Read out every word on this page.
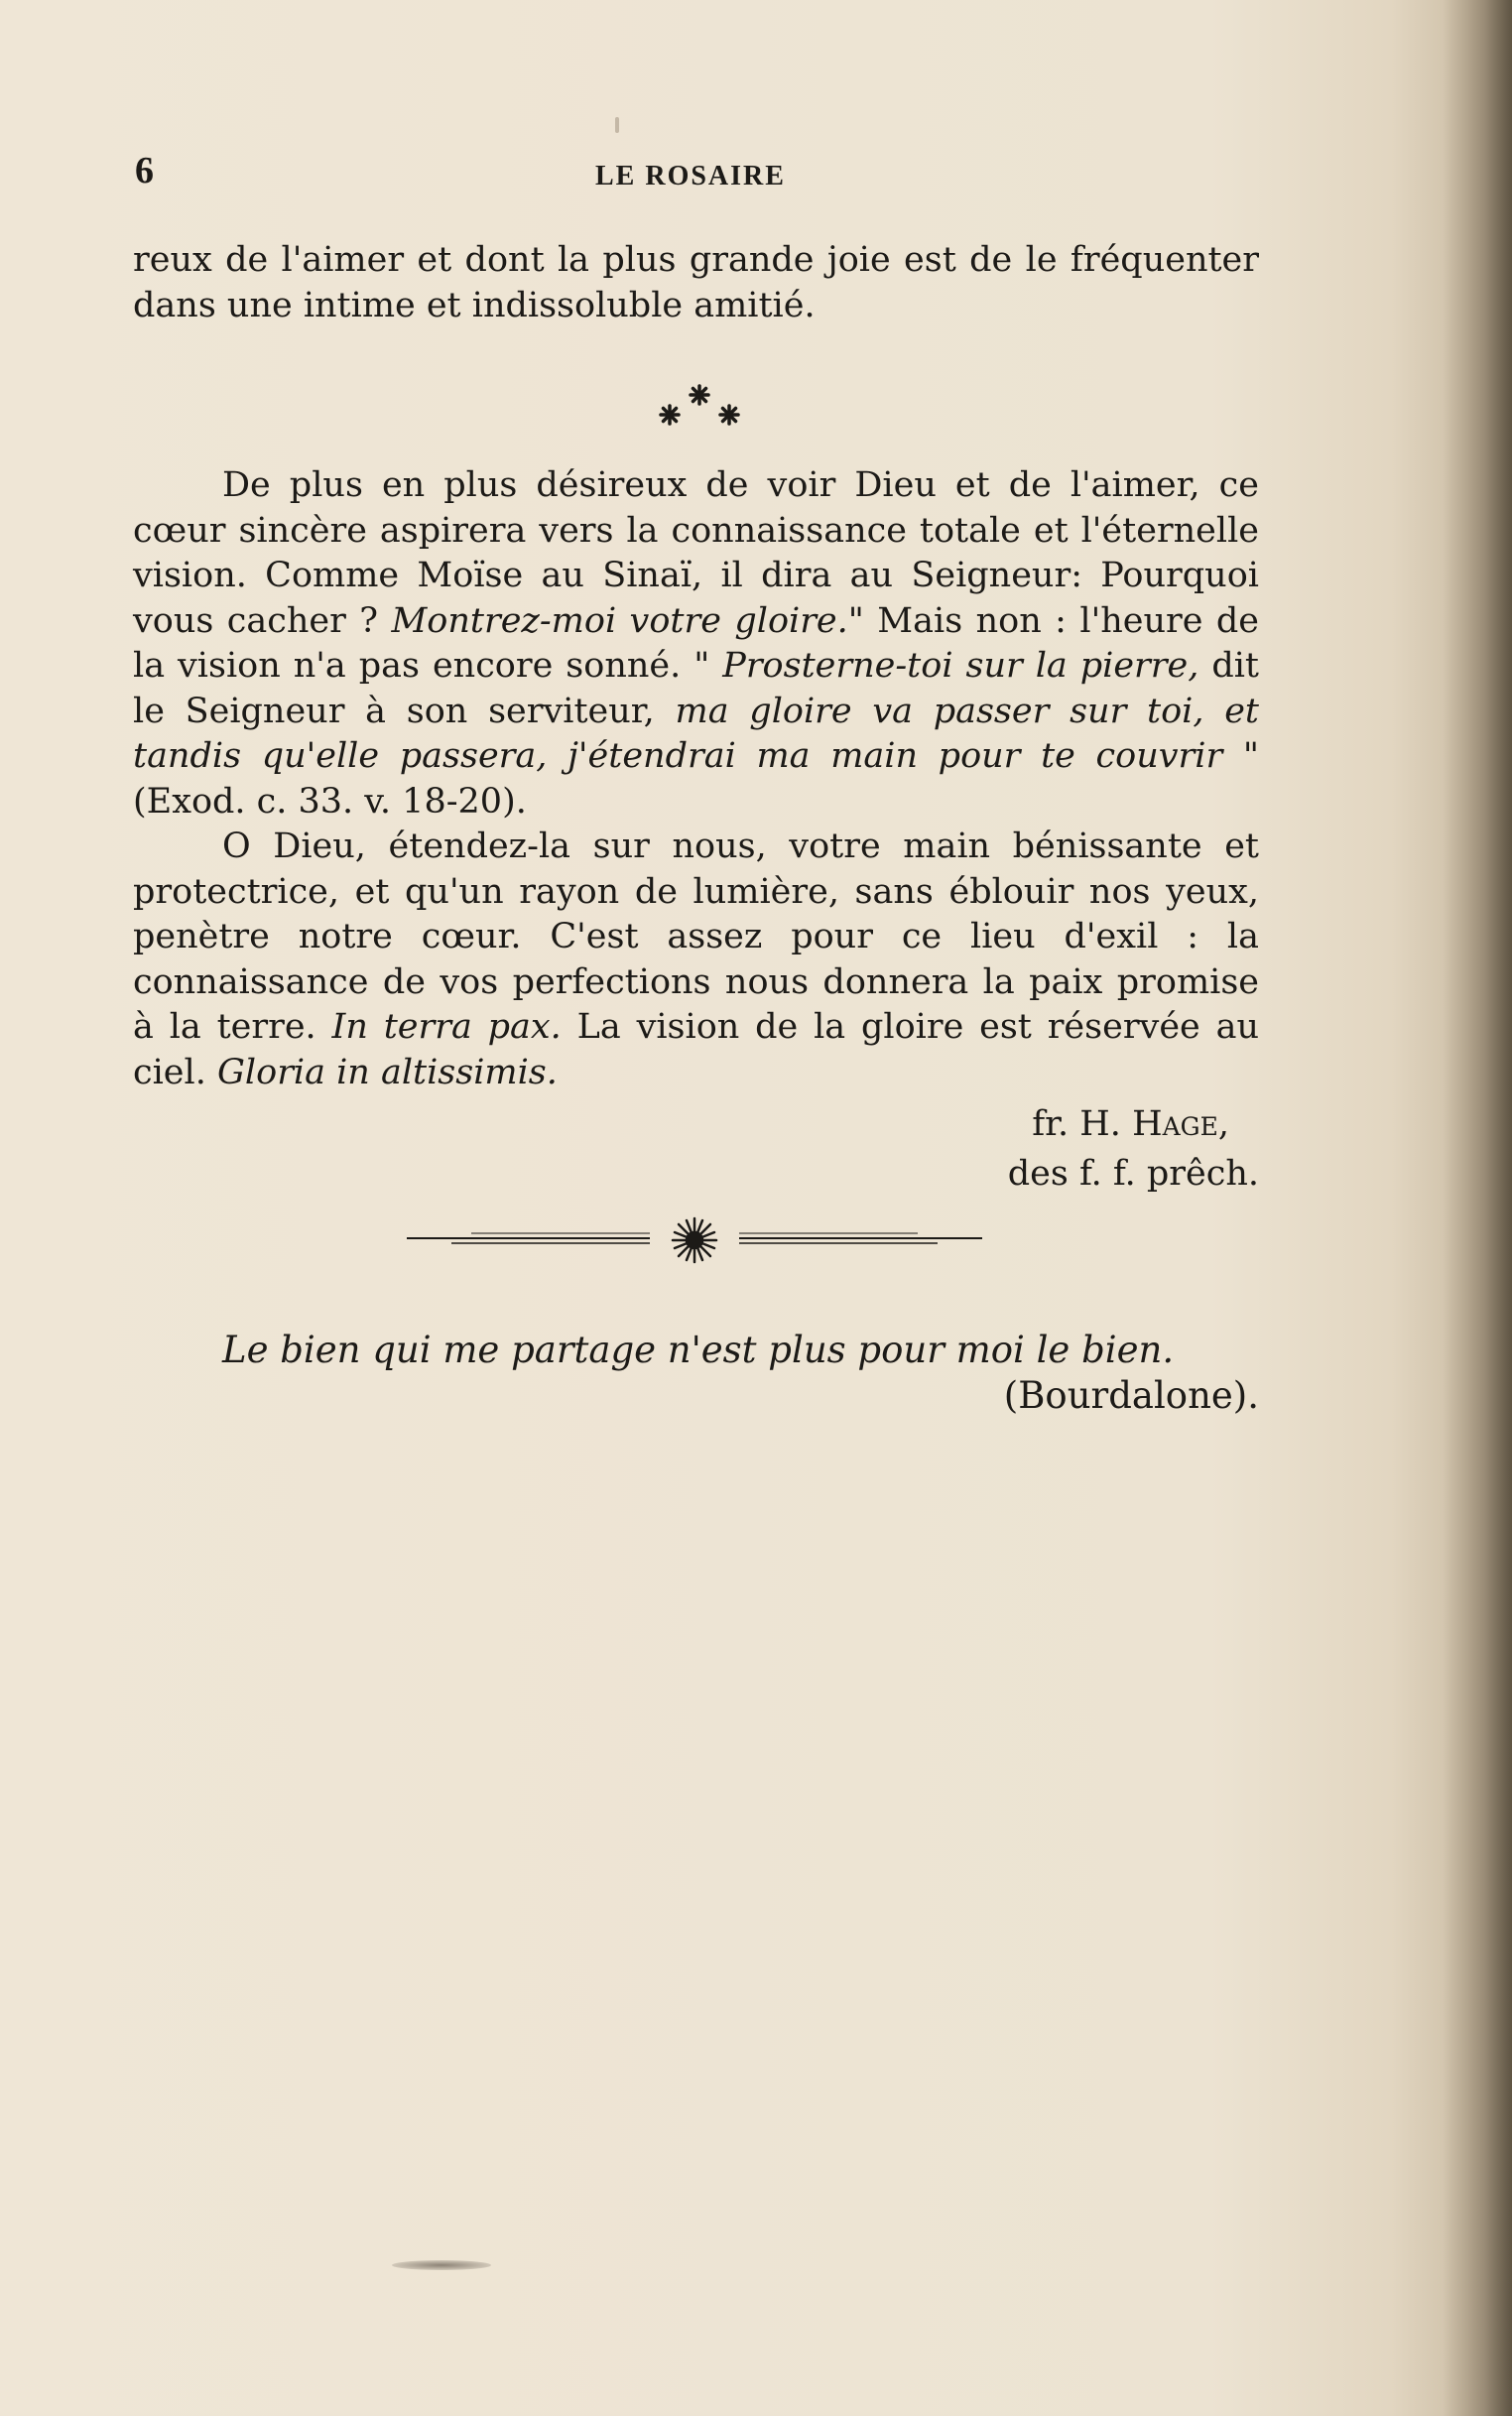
6	LE ROSAIRE

reux de l'aimer et dont la plus grande joie est de le fréquenter dans une intime et indissoluble amitié.

De plus en plus désireux de voir Dieu et de l'aimer, ce cœur sincère aspirera vers la connaissance totale et l'éternelle vision. Comme Moïse au Sinaï, il dira au Seigneur: Pourquoi vous cacher ? Montrez-moi votre gloire." Mais non : l'heure de la vision n'a pas encore sonné. " Prosterne-toi sur la pierre, dit le Seigneur à son serviteur, ma gloire va passer sur toi, et tandis qu'elle passera, j'étendrai ma main pour te couvrir " (Exod. c. 33. v. 18-20).

O Dieu, étendez-la sur nous, votre main bénissante et protectrice, et qu'un rayon de lumière, sans éblouir nos yeux, penètre notre cœur. C'est assez pour ce lieu d'exil : la connaissance de vos perfections nous donnera la paix promise à la terre. In terra pax. La vision de la gloire est réservée au ciel. Gloria in altissimis.

fr. H. Hage,
des f. f. prêch.
Le bien qui me partage n'est plus pour moi le bien.
(Bourdalone).
